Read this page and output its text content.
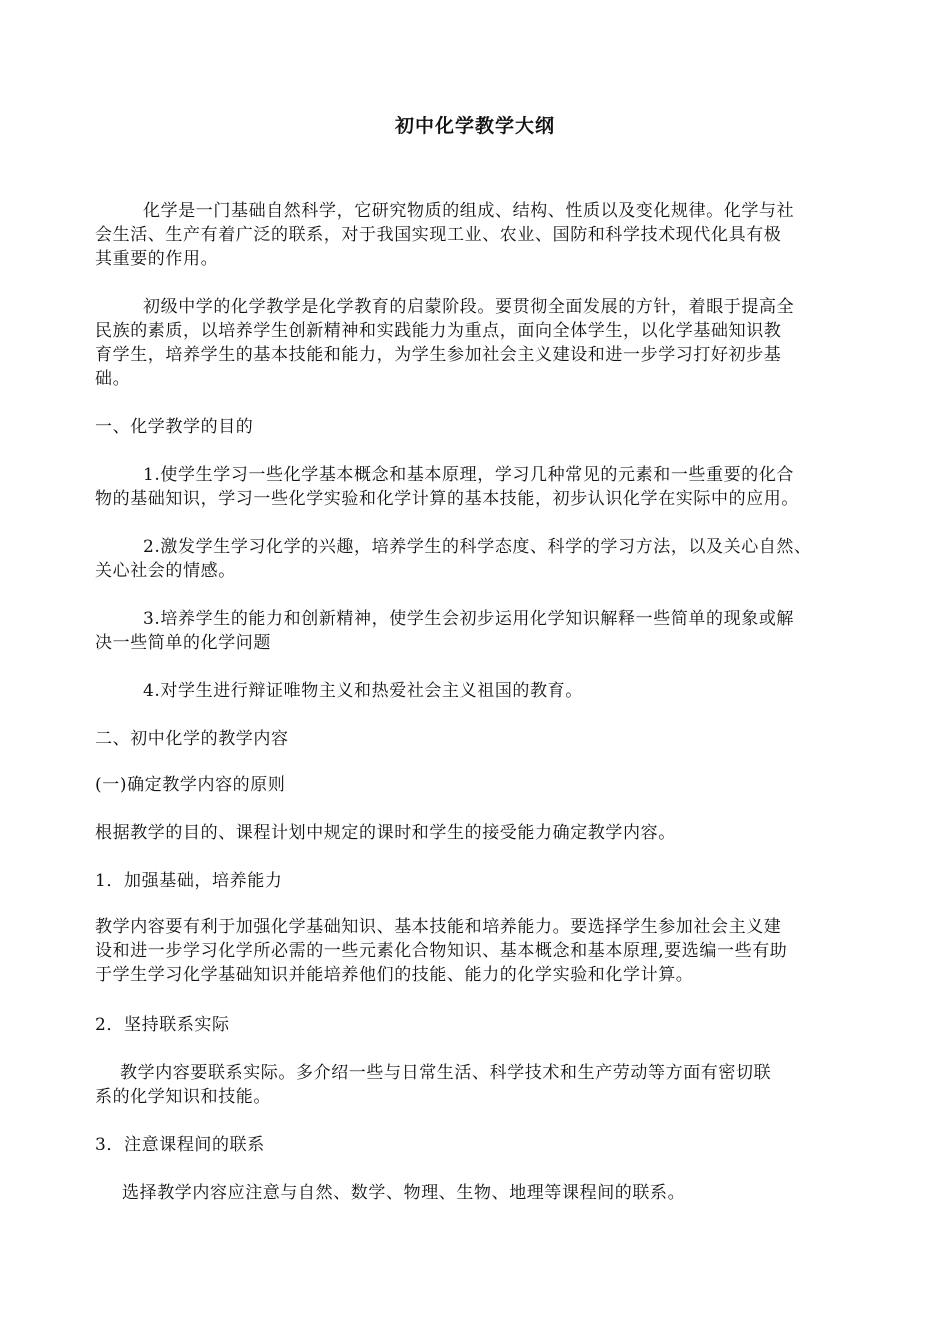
初中化学教学大纲
化学是一门基础自然科学，它研究物质的组成、结构、性质以及变化规律。化学与社
会生活、生产有着广泛的联系，对于我国实现工业、农业、国防和科学技术现代化具有极
其重要的作用。
初级中学的化学教学是化学教育的启蒙阶段。要贯彻全面发展的方针，着眼于提高全
民族的素质，以培养学生创新精神和实践能力为重点，面向全体学生，以化学基础知识教
育学生，培养学生的基本技能和能力，为学生参加社会主义建设和进一步学习打好初步基
础。
一、化学教学的目的
1.使学生学习一些化学基本概念和基本原理，学习几种常见的元素和一些重要的化合
物的基础知识，学习一些化学实验和化学计算的基本技能，初步认识化学在实际中的应用。
2.激发学生学习化学的兴趣，培养学生的科学态度、科学的学习方法，以及关心自然、
关心社会的情感。
3.培养学生的能力和创新精神，使学生会初步运用化学知识解释一些简单的现象或解
决一些简单的化学问题
4.对学生进行辩证唯物主义和热爱社会主义祖国的教育。
二、初中化学的教学内容
(一)确定教学内容的原则
根据教学的目的、课程计划中规定的课时和学生的接受能力确定教学内容。
1．加强基础，培养能力
教学内容要有利于加强化学基础知识、基本技能和培养能力。要选择学生参加社会主义建
设和进一步学习化学所必需的一些元素化合物知识、基本概念和基本原理,要选编一些有助
于学生学习化学基础知识并能培养他们的技能、能力的化学实验和化学计算。
2．坚持联系实际
教学内容要联系实际。多介绍一些与日常生活、科学技术和生产劳动等方面有密切联
系的化学知识和技能。
3．注意课程间的联系
选择教学内容应注意与自然、数学、物理、生物、地理等课程间的联系。
